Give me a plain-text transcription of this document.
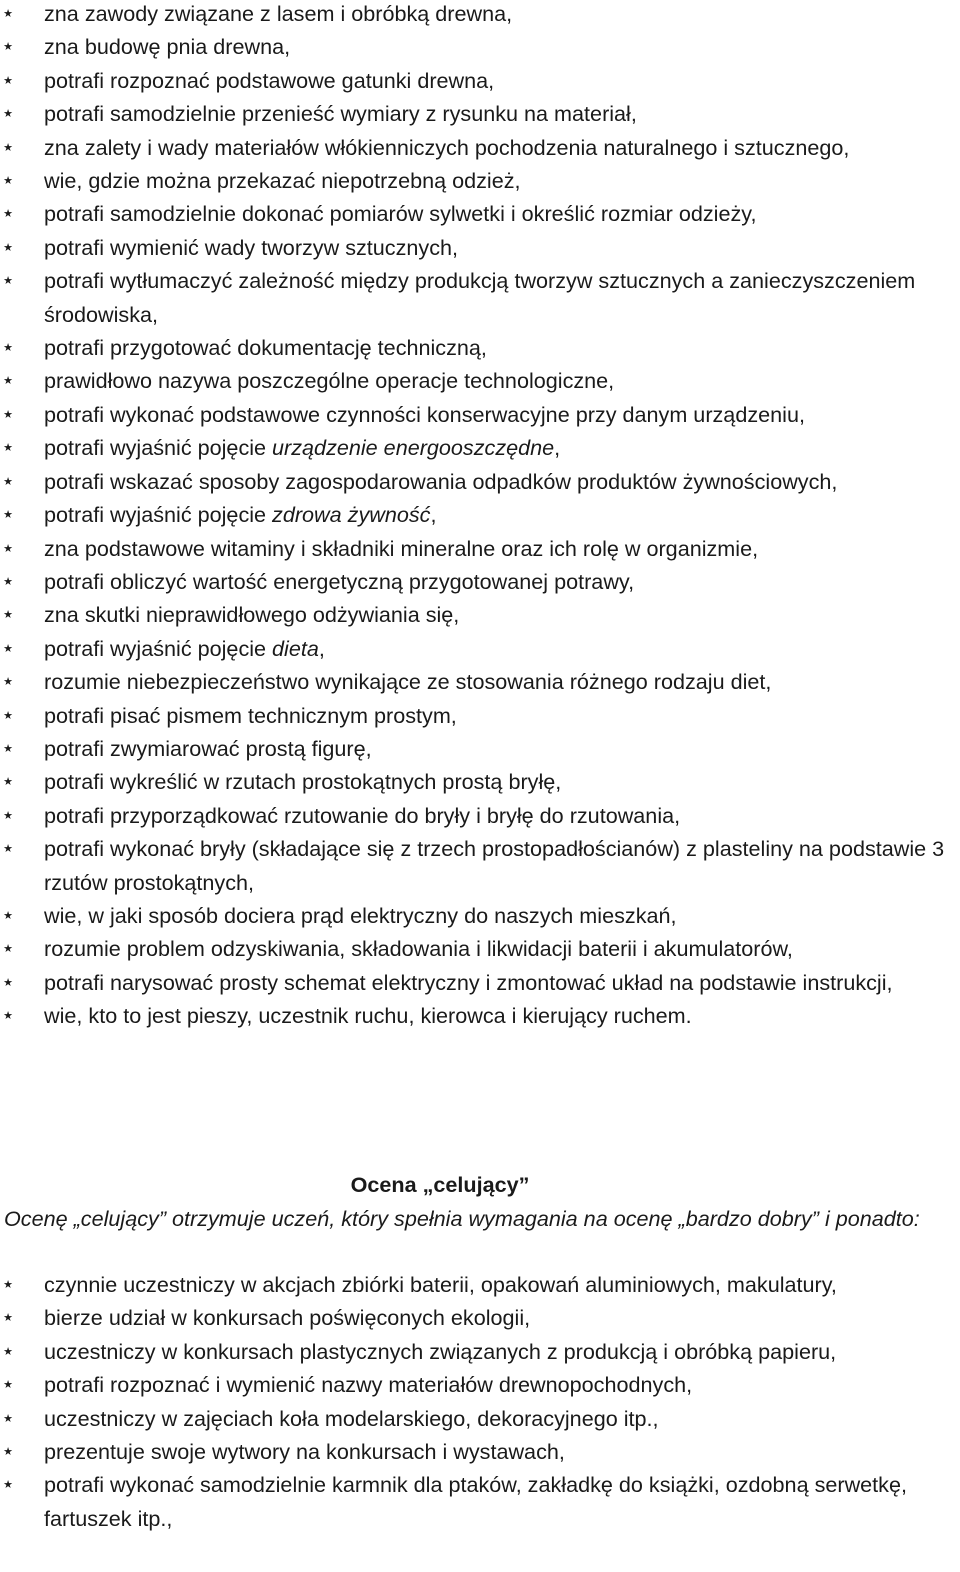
★ zna zawody związane z lasem i obróbką drewna,
★ zna budowę pnia drewna,
★ potrafi rozpoznać podstawowe gatunki drewna,
★ potrafi samodzielnie przenieść wymiary z rysunku na materiał,
★ zna zalety i wady materiałów włókienniczych pochodzenia naturalnego i sztucznego,
★ wie, gdzie można przekazać niepotrzebną odzież,
★ potrafi samodzielnie dokonać pomiarów sylwetki i określić rozmiar odzieży,
★ potrafi wymienić wady tworzyw sztucznych,
★ potrafi wytłumaczyć zależność między produkcją tworzyw sztucznych a zanieczyszczeniem środowiska,
★ potrafi przygotować dokumentację techniczną,
★ prawidłowo nazywa poszczególne operacje technologiczne,
★ potrafi wykonać podstawowe czynności konserwacyjne przy danym urządzeniu,
★ potrafi wyjaśnić pojęcie urządzenie energooszczędne,
★ potrafi wskazać sposoby zagospodarowania odpadków produktów żywnościowych,
★ potrafi wyjaśnić pojęcie zdrowa żywność,
★ zna podstawowe witaminy i składniki mineralne oraz ich rolę w organizmie,
★ potrafi obliczyć wartość energetyczną przygotowanej potrawy,
★ zna skutki nieprawidłowego odżywiania się,
★ potrafi wyjaśnić pojęcie dieta,
★ rozumie niebezpieczeństwo wynikające ze stosowania różnego rodzaju diet,
★ potrafi pisać pismem technicznym prostym,
★ potrafi zwymiarować prostą figurę,
★ potrafi wykreślić w rzutach prostokątnych prostą bryłę,
★ potrafi przyporządkować rzutowanie do bryły i bryłę do rzutowania,
★ potrafi wykonać bryły (składające się z trzech prostopadłościanów) z plasteliny na podstawie 3 rzutów prostokątnych,
★ wie, w jaki sposób dociera prąd elektryczny do naszych mieszkań,
★ rozumie problem odzyskiwania, składowania i likwidacji baterii i akumulatorów,
★ potrafi narysować prosty schemat elektryczny i zmontować układ na podstawie instrukcji,
★ wie, kto to jest pieszy, uczestnik ruchu, kierowca i kierujący ruchem.
Ocena „celujący”
Ocenę „celujący” otrzymuje uczeń, który spełnia wymagania na ocenę „bardzo dobry” i ponadto:
★ czynnie uczestniczy w akcjach zbiórki baterii, opakowań aluminiowych, makulatury,
★ bierze udział w konkursach poświęconych ekologii,
★ uczestniczy w konkursach plastycznych związanych z produkcją i obróbką papieru,
★ potrafi rozpoznać i wymienić nazwy materiałów drewnopochodnych,
★ uczestniczy w zajęciach koła modelarskiego, dekoracyjnego itp.,
★ prezentuje swoje wytwory na konkursach i wystawach,
★ potrafi wykonać samodzielnie karmnik dla ptaków, zakładkę do książki, ozdobną serwetkę, fartuszek itp.,
